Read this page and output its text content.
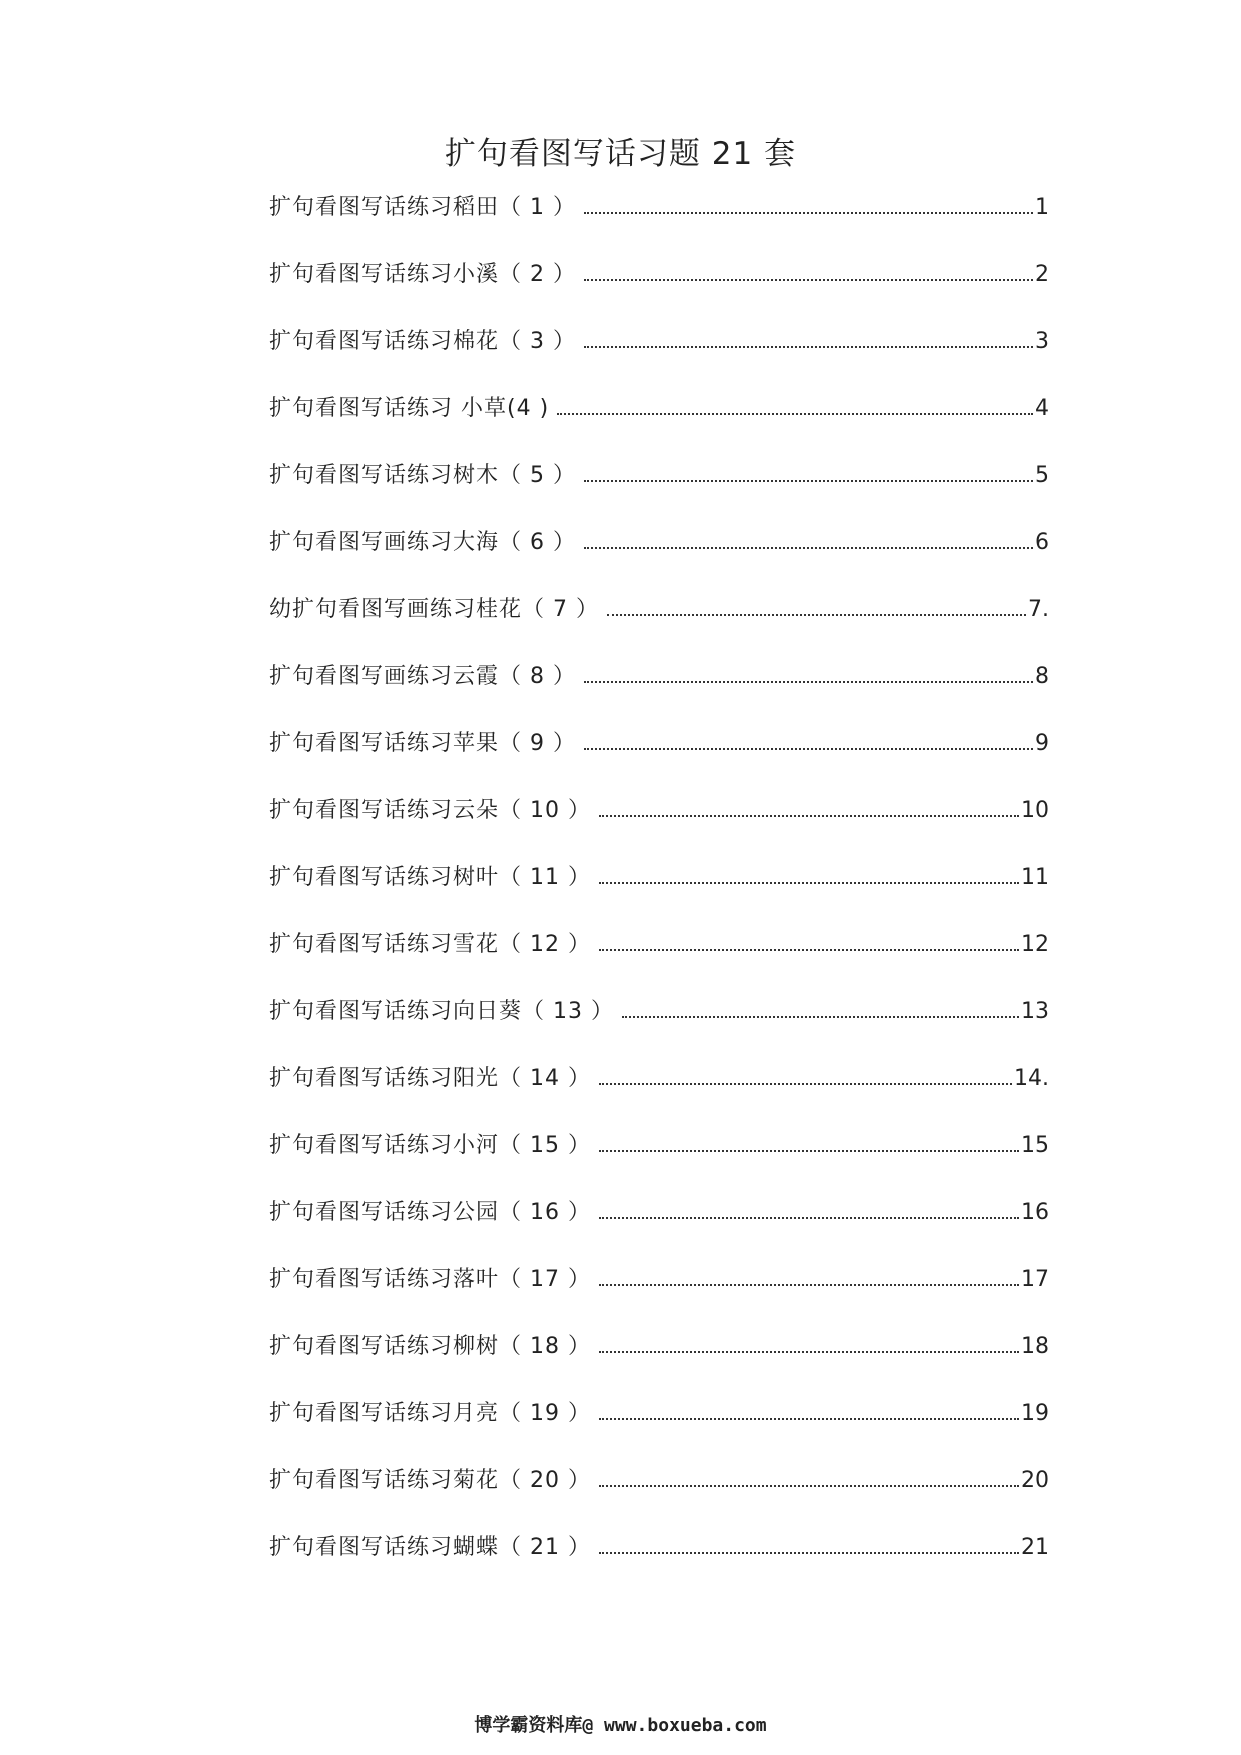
扩句看图写话习题 21 套
扩句看图写话练习稻田（ 1 ）	1
扩句看图写话练习小溪（ 2 ）	2
扩句看图写话练习棉花（ 3 ）	3
扩句看图写话练习 小草(4 )	4
扩句看图写话练习树木（ 5 ）	5
扩句看图写画练习大海（ 6 ）	6
幼扩句看图写画练习桂花（ 7 ）	7.
扩句看图写画练习云霞（ 8 ）	8
扩句看图写话练习苹果（ 9 ）	9
扩句看图写话练习云朵（ 10 ）	10
扩句看图写话练习树叶（ 11 ）	11
扩句看图写话练习雪花（ 12 ）	12
扩句看图写话练习向日葵（ 13 ）	13
扩句看图写话练习阳光（ 14 ）	14.
扩句看图写话练习小河（ 15 ）	15
扩句看图写话练习公园（ 16 ）	16
扩句看图写话练习落叶（ 17 ）	17
扩句看图写话练习柳树（ 18 ）	18
扩句看图写话练习月亮（ 19 ）	19
扩句看图写话练习菊花（ 20 ）	20
扩句看图写话练习蝴蝶（ 21 ）	21
博学霸资料库@ www.boxueba.com
